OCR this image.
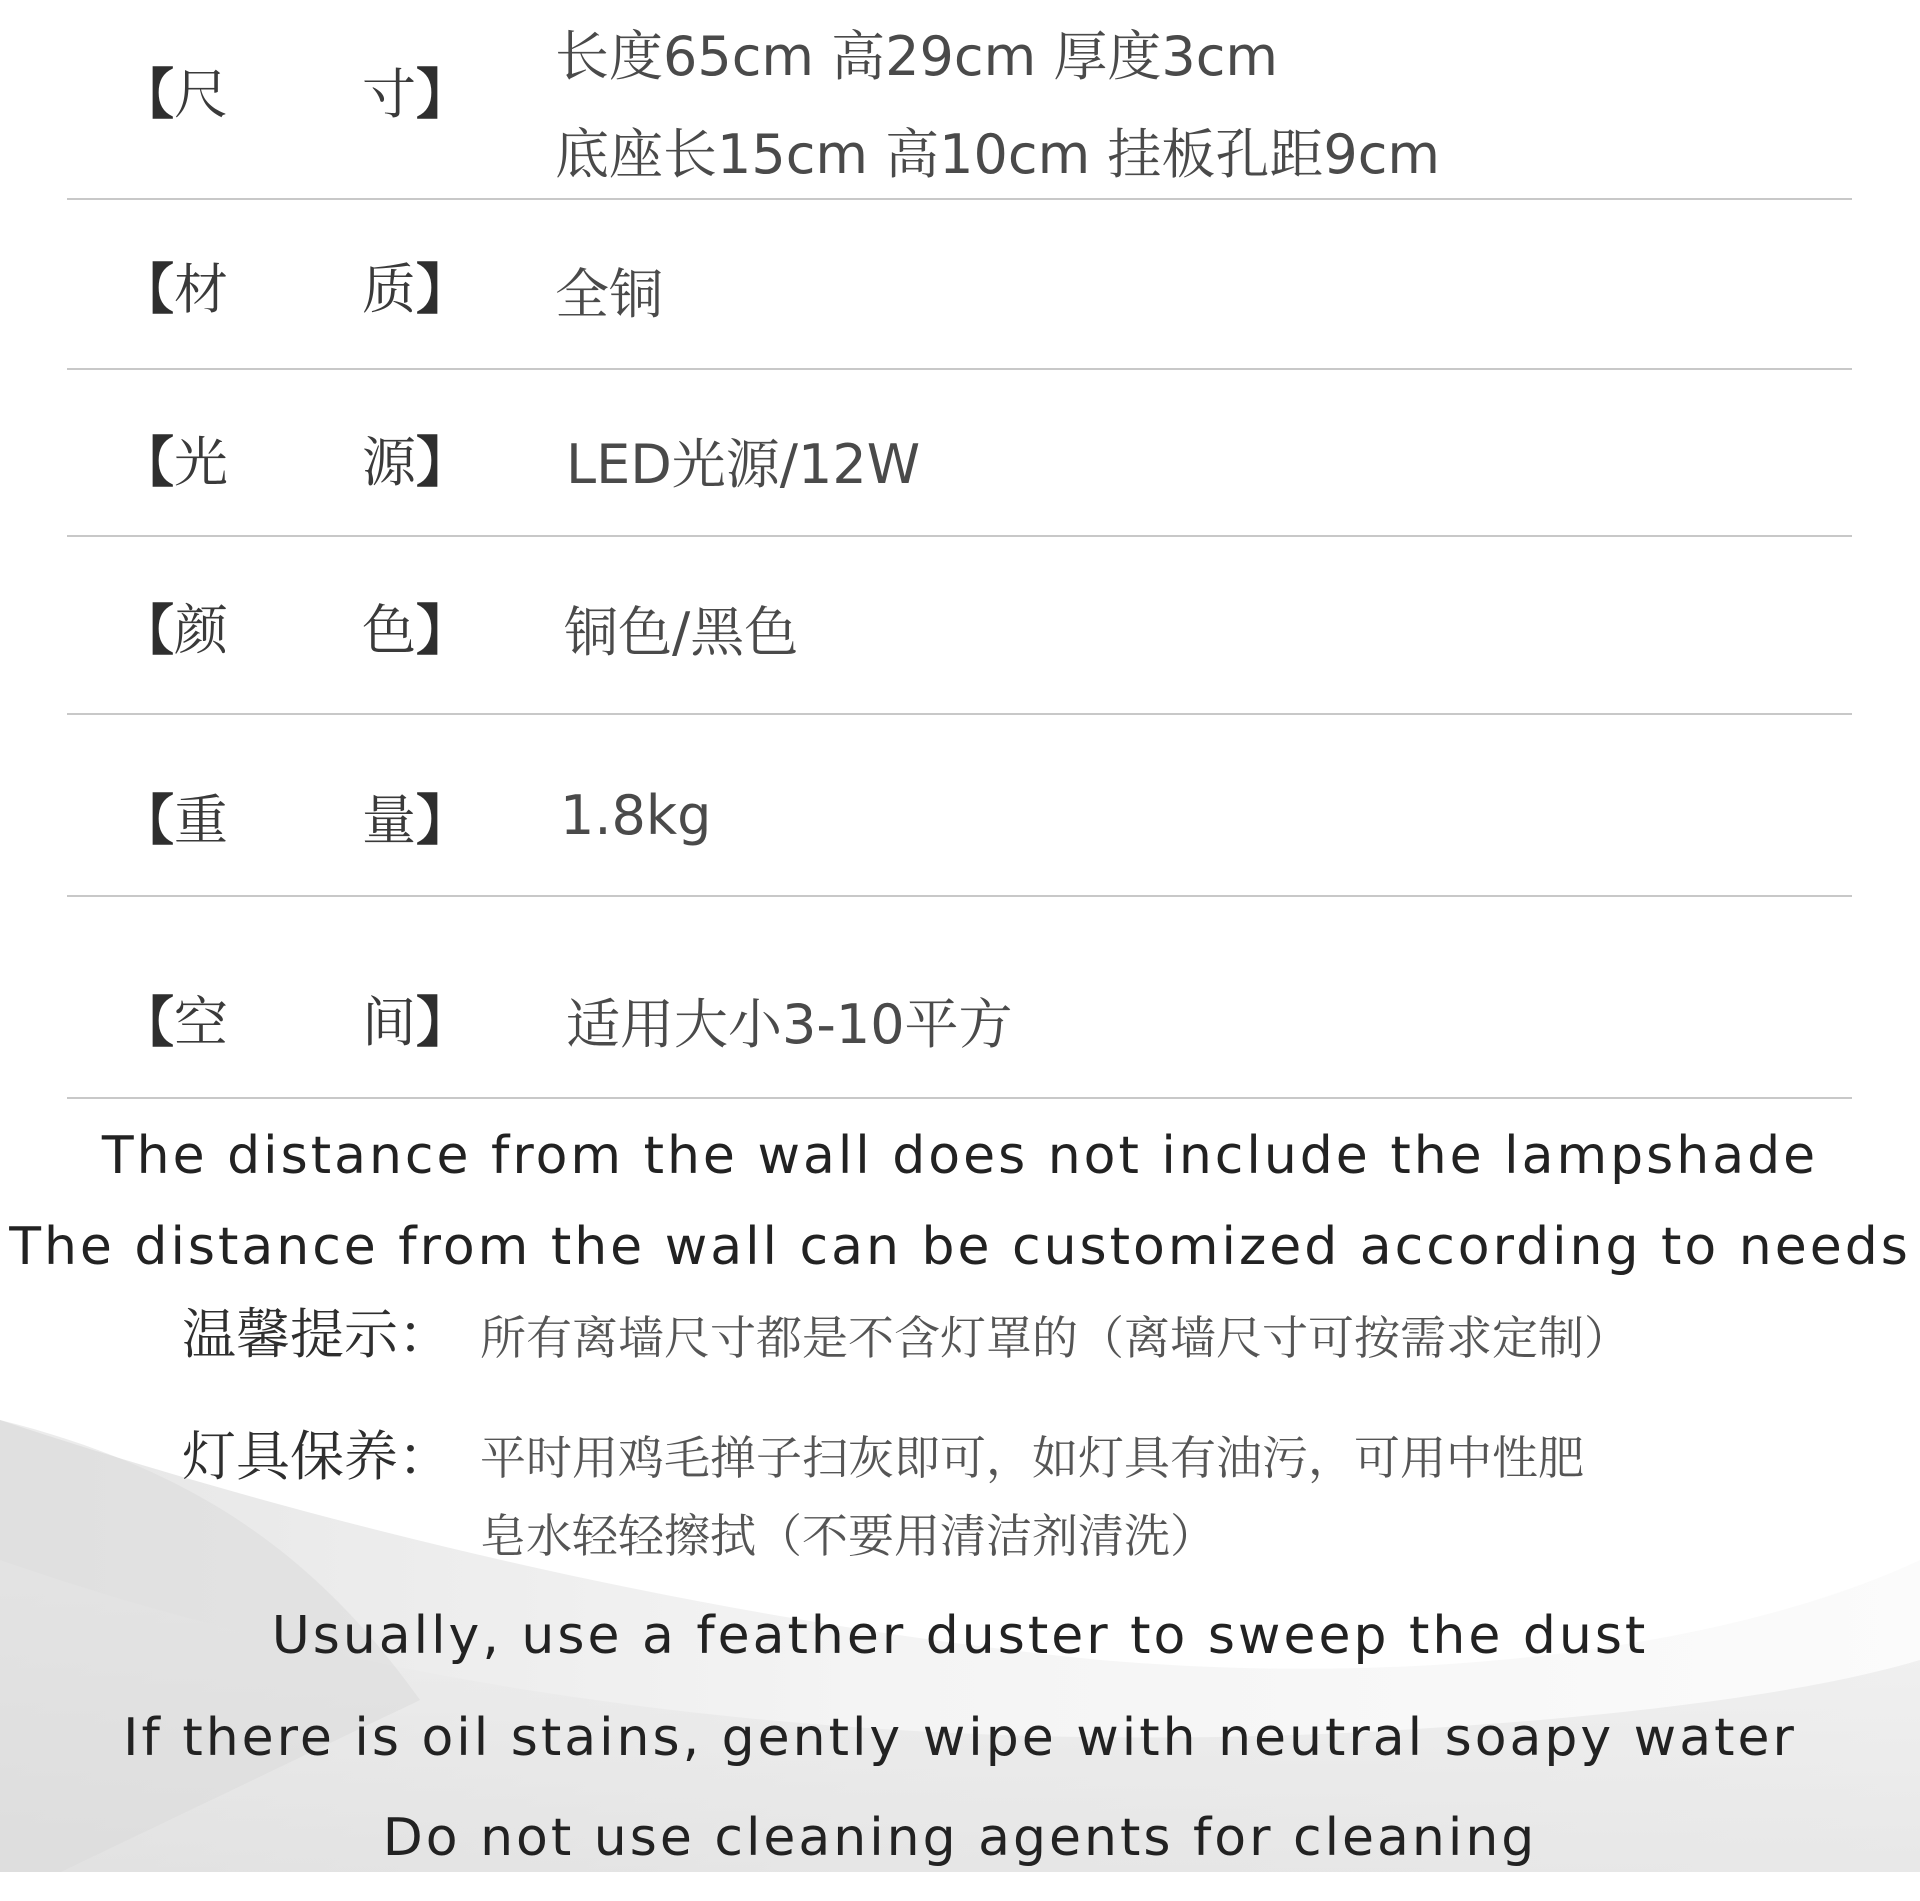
【尺 寸】
长度65cm 高29cm 厚度3cm
底座长15cm 高10cm 挂板孔距9cm
【材 质】 全铜
【光 源】 LED光源/12W
【颜 色】 铜色/黑色
【重 量】 1.8kg
【空 间】 适用大小3-10平方
The distance from the wall does not include the lampshade
The distance from the wall can be customized according to needs
温馨提示： 所有离墙尺寸都是不含灯罩的（离墙尺寸可按需求定制）
灯具保养： 平时用鸡毛掸子扫灰即可，如灯具有油污，可用中性肥
皂水轻轻擦拭（不要用清洁剂清洗）
Usually, use a feather duster to sweep the dust
If there is oil stains, gently wipe with neutral soapy water
Do not use cleaning agents for cleaning
